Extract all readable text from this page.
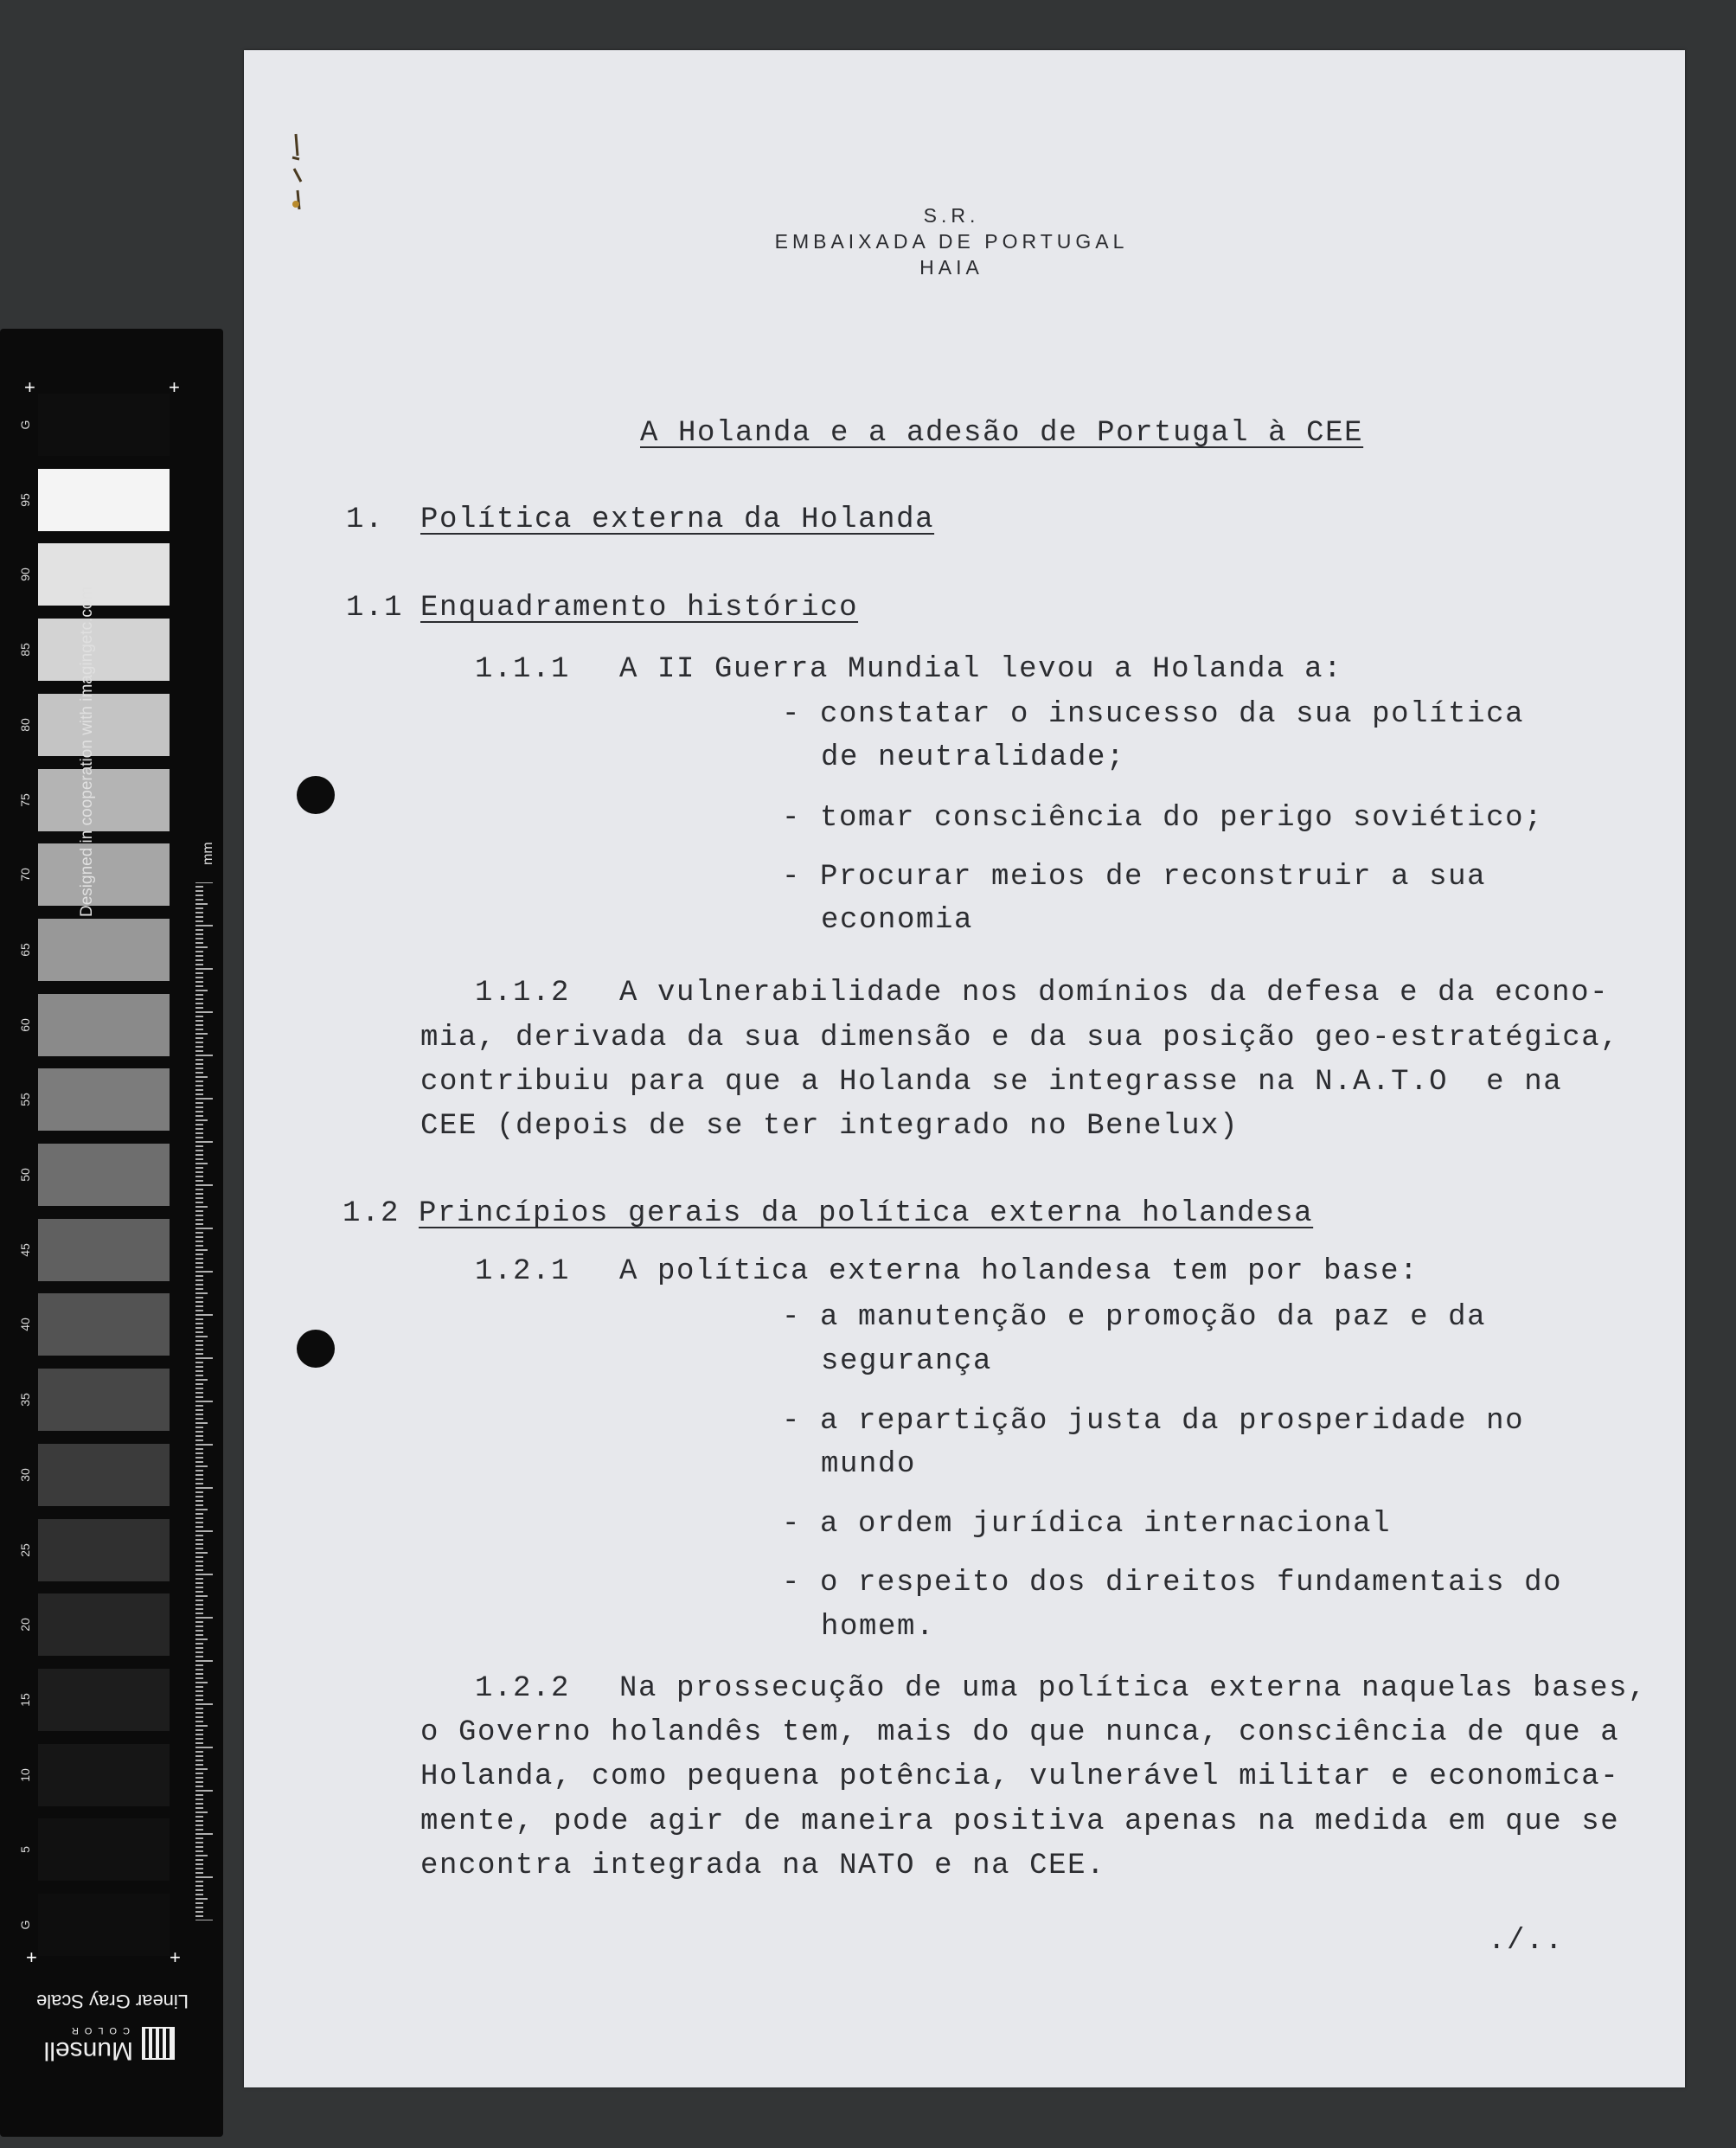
G
95
90
85
80
75
70
65
60
55
50
45
40
35
30
25
20
15
10
5
G
+	+
+	+
Designed in cooperation with imagingetc.com	mm
Linear Gray Scale
Munsell
COLOR
S.R.
EMBAIXADA DE PORTUGAL
HAIA
A Holanda e a adesão de Portugal à CEE
1. Política externa da Holanda
1.1 Enquadramento histórico
1.1.1 A II Guerra Mundial levou a Holanda a:
- constatar o insucesso da sua política
de neutralidade;
- tomar consciência do perigo soviético;
- Procurar meios de reconstruir a sua
economia
1.1.2 A vulnerabilidade nos domínios da defesa e da econo-
mia, derivada da sua dimensão e da sua posição geo-estratégica,
contribuiu para que a Holanda se integrasse na N.A.T.O  e na
CEE (depois de se ter integrado no Benelux)
1.2 Princípios gerais da política externa holandesa
1.2.1 A política externa holandesa tem por base:
- a manutenção e promoção da paz e da
segurança
- a repartição justa da prosperidade no
mundo
- a ordem jurídica internacional
- o respeito dos direitos fundamentais do
homem.
1.2.2 Na prossecução de uma política externa naquelas bases,
o Governo holandês tem, mais do que nunca, consciência de que a
Holanda, como pequena potência, vulnerável militar e economica-
mente, pode agir de maneira positiva apenas na medida em que se
encontra integrada na NATO e na CEE.
./..
